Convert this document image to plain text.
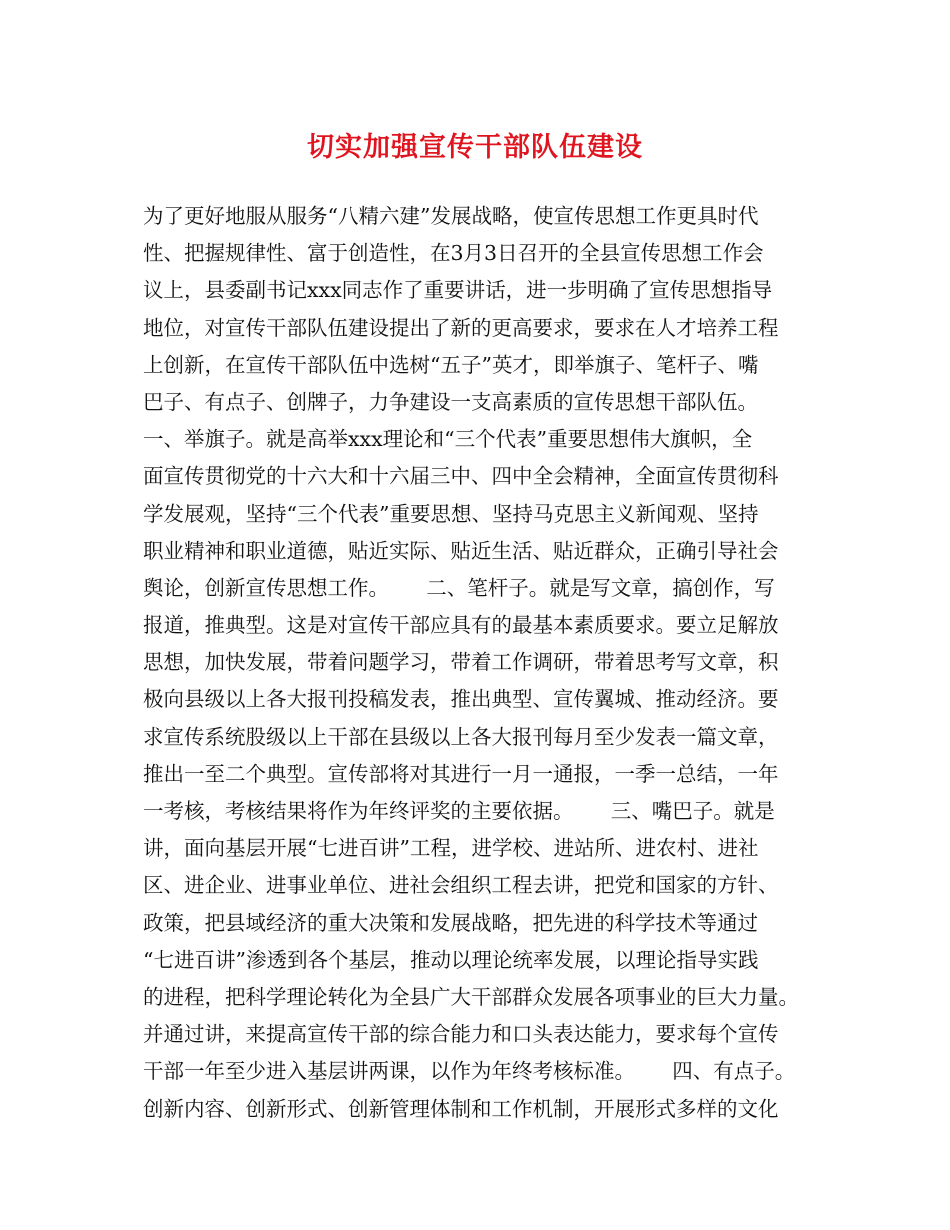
切实加强宣传干部队伍建设
为了更好地服从服务“八精六建”发展战略，使宣传思想工作更具时代
性、把握规律性、富于创造性，在3月3日召开的全县宣传思想工作会
议上，县委副书记xxx同志作了重要讲话，进一步明确了宣传思想指导
地位，对宣传干部队伍建设提出了新的更高要求，要求在人才培养工程
上创新，在宣传干部队伍中选树“五子”英才，即举旗子、笔杆子、嘴
巴子、有点子、创牌子，力争建设一支高素质的宣传思想干部队伍。
一、举旗子。就是高举xxx理论和“三个代表”重要思想伟大旗帜，全
面宣传贯彻党的十六大和十六届三中、四中全会精神，全面宣传贯彻科
学发展观，坚持“三个代表”重要思想、坚持马克思主义新闻观、坚持
职业精神和职业道德，贴近实际、贴近生活、贴近群众，正确引导社会
舆论，创新宣传思想工作。　　 二、笔杆子。就是写文章，搞创作，写
报道，推典型。这是对宣传干部应具有的最基本素质要求。要立足解放
思想，加快发展，带着问题学习，带着工作调研，带着思考写文章，积
极向县级以上各大报刊投稿发表，推出典型、宣传翼城、推动经济。要
求宣传系统股级以上干部在县级以上各大报刊每月至少发表一篇文章，
推出一至二个典型。宣传部将对其进行一月一通报，一季一总结，一年
一考核，考核结果将作为年终评奖的主要依据。　　 三、嘴巴子。就是
讲，面向基层开展“七进百讲”工程，进学校、进站所、进农村、进社
区、进企业、进事业单位、进社会组织工程去讲，把党和国家的方针、
政策，把县域经济的重大决策和发展战略，把先进的科学技术等通过
“七进百讲”渗透到各个基层，推动以理论统率发展，以理论指导实践
的进程，把科学理论转化为全县广大干部群众发展各项事业的巨大力量。
并通过讲，来提高宣传干部的综合能力和口头表达能力，要求每个宣传
干部一年至少进入基层讲两课，以作为年终考核标准。　　 四、有点子。
创新内容、创新形式、创新管理体制和工作机制，开展形式多样的文化
